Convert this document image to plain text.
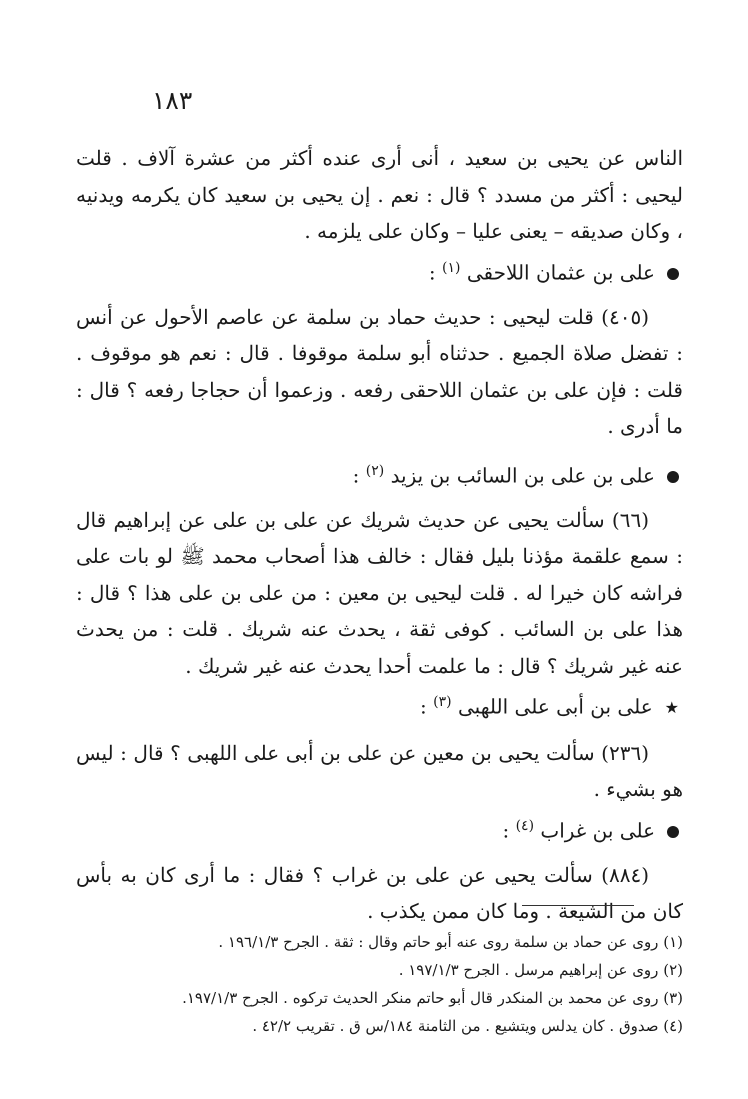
١٨٣

الناس عن يحيى بن سعيد ، أنى أرى عنده أكثر من عشرة آلاف . قلت ليحيى : أكثر من مسدد ؟ قال : نعم . إن يحيى بن سعيد كان يكرمه ويدنيه ، وكان صديقه – يعنى عليا – وكان على يلزمه .

على بن عثمان اللاحقى $^{(١)}$ :

(٤٠٥) قلت ليحيى : حديث حماد بن سلمة عن عاصم الأحول عن أنس : تفضل صلاة الجميع . حدثناه أبو سلمة موقوفا . قال : نعم هو موقوف . قلت : فإن على بن عثمان اللاحقى رفعه . وزعموا أن حجاجا رفعه ؟ قال : ما أدرى .

على بن على بن السائب بن يزيد $^{(٢)}$ :

(٦٦) سألت يحيى عن حديث شريك عن على بن على عن إبراهيم قال : سمع علقمة مؤذنا بليل فقال : خالف هذا أصحاب محمد ﷺ لو بات على فراشه كان خيرا له . قلت ليحيى بن معين : من على بن على هذا ؟ قال : هذا على بن السائب . كوفى ثقة ، يحدث عنه شريك . قلت : من يحدث عنه غير شريك ؟ قال : ما علمت أحدا يحدث عنه غير شريك .

★على بن أبى على اللهبى $^{(٣)}$ :

(٢٣٦) سألت يحيى بن معين عن على بن أبى على اللهبى ؟ قال : ليس هو بشيء .

على بن غراب $^{(٤)}$ :

(٨٨٤) سألت يحيى عن على بن غراب ؟ فقال : ما أرى كان به بأس كان من الشيعة . وما كان ممن يكذب .

(١) روى عن حماد بن سلمة روى عنه أبو حاتم وقال : ثقة . الجرح ١٩٦/١/٣ .

(٢) روى عن إبراهيم مرسل . الجرح ١٩٧/١/٣ .

(٣) روى عن محمد بن المنكدر قال أبو حاتم منكر الحديث تركوه . الجرح ١٩٧/١/٣.

(٤) صدوق . كان يدلس ويتشيع . من الثامنة ١٨٤/س ق . تقريب ٤٢/٢ .
